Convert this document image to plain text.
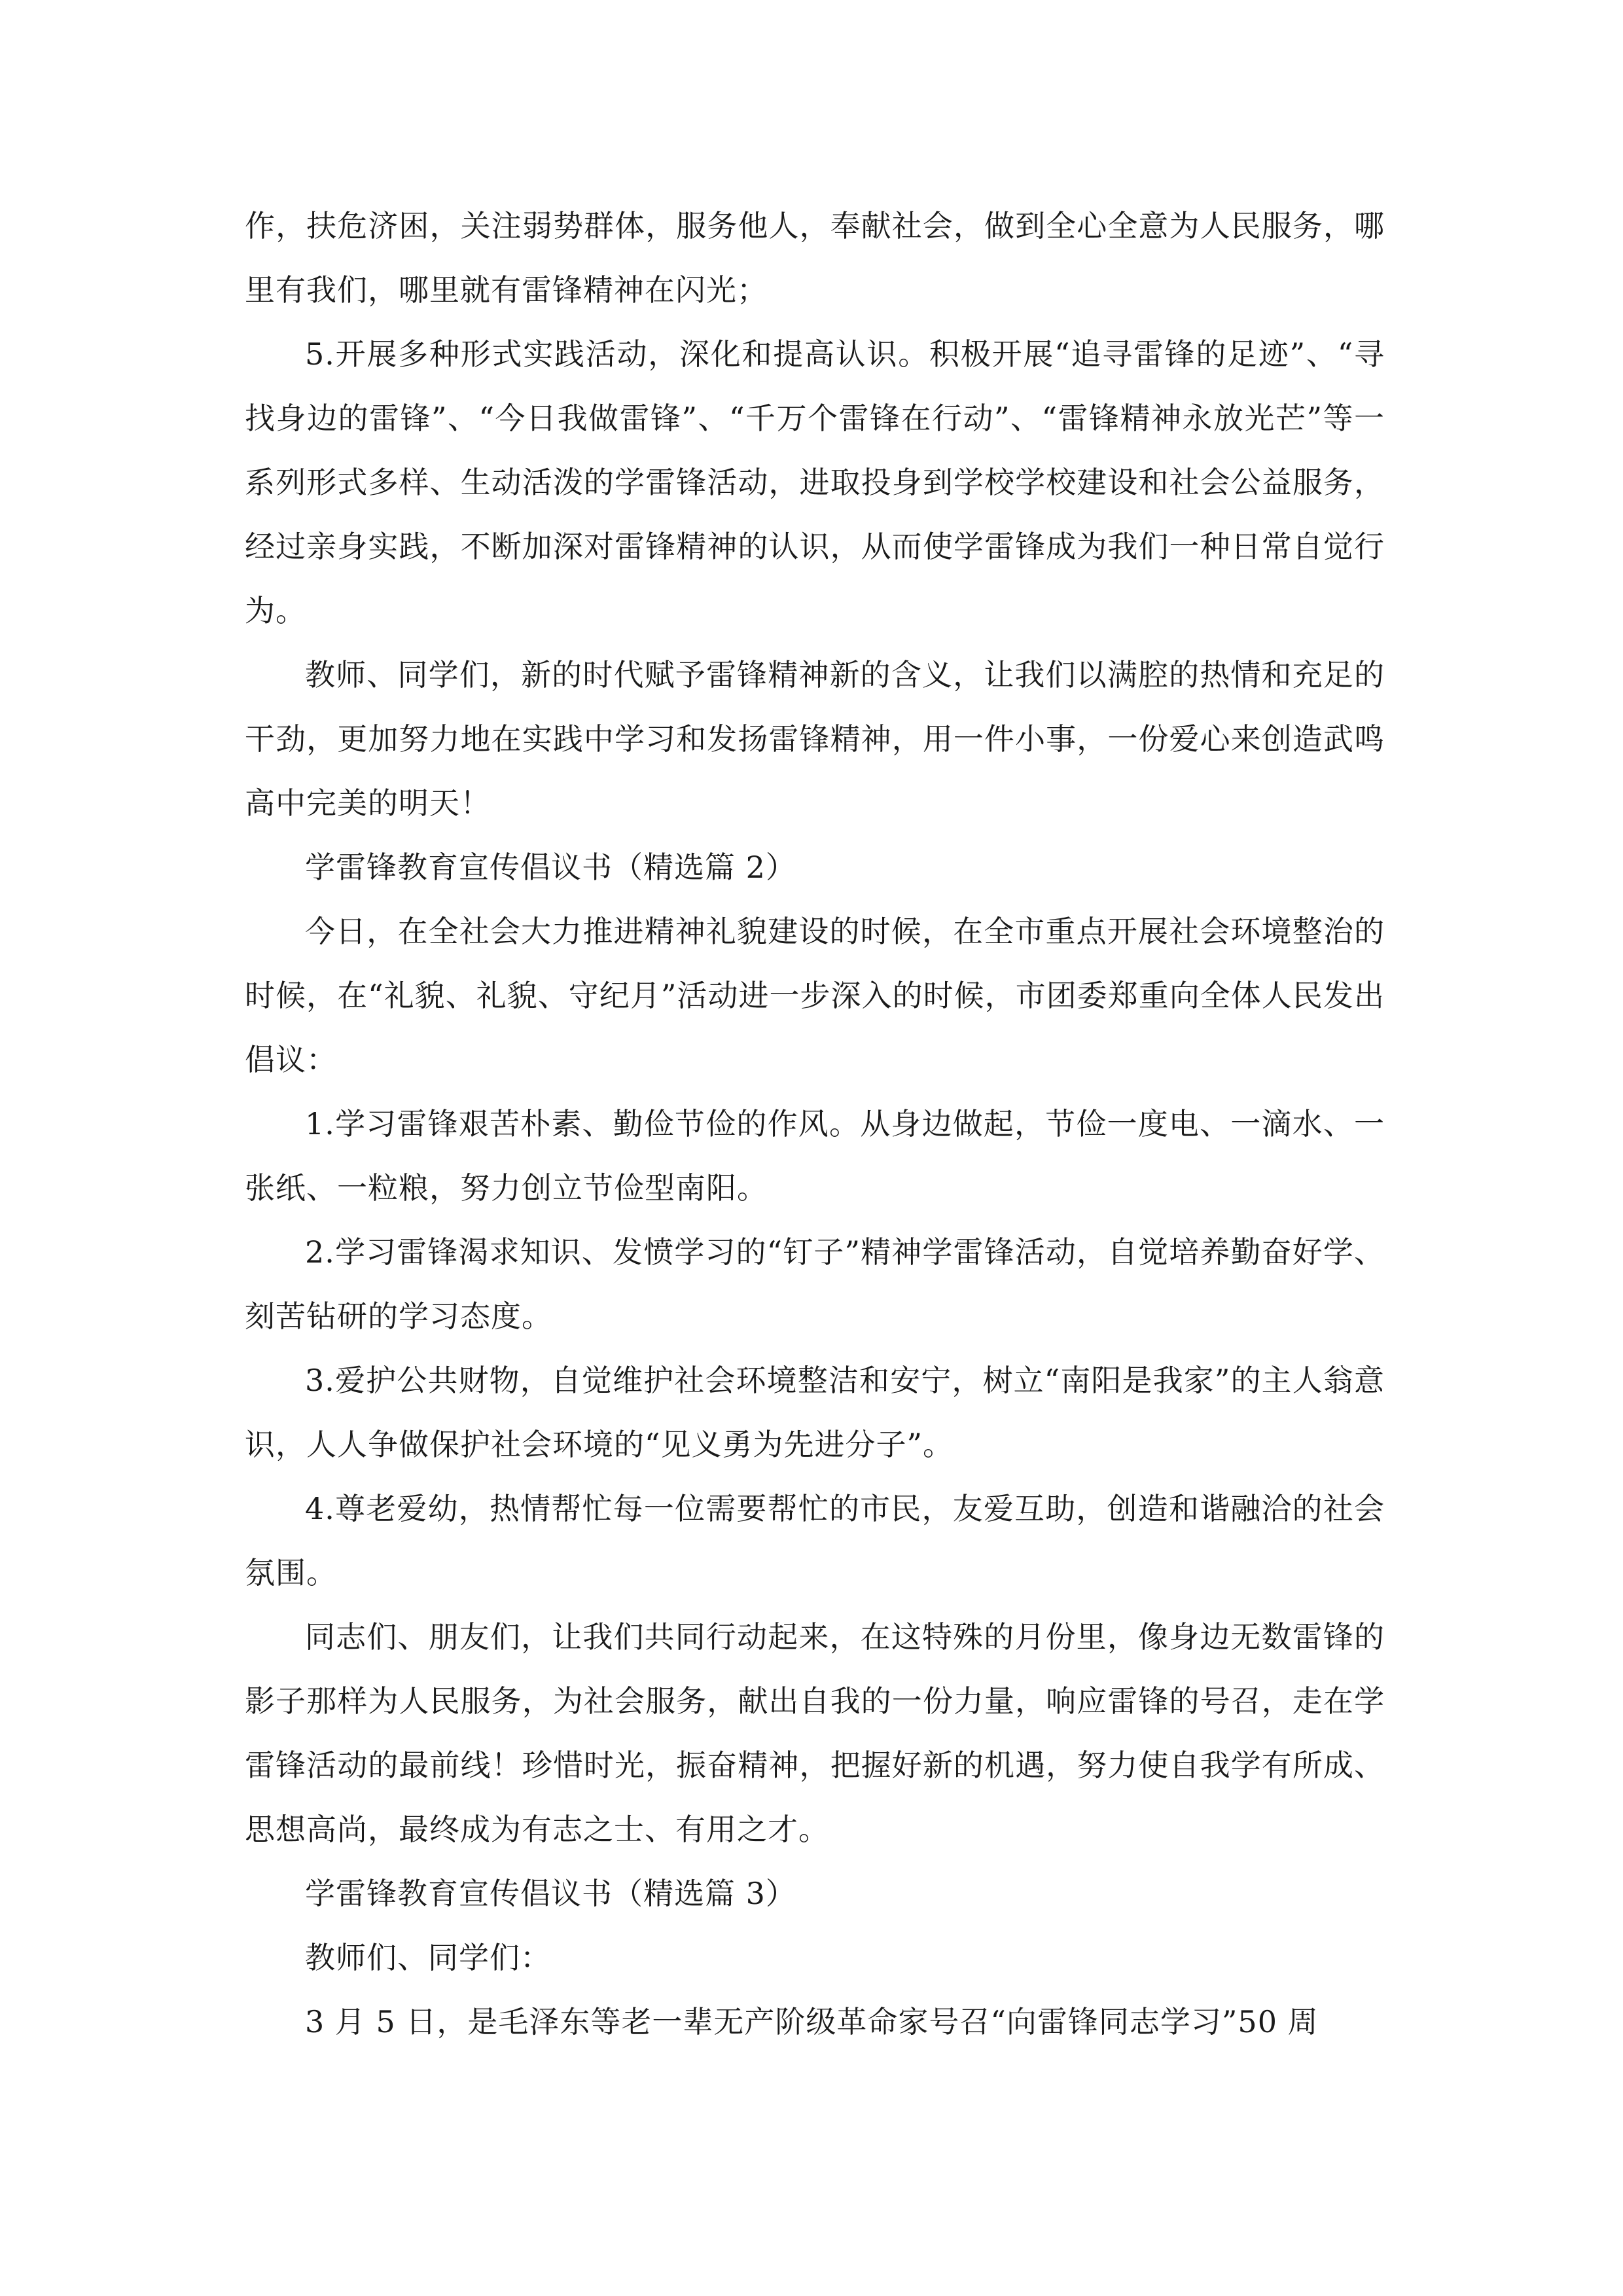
作，扶危济困，关注弱势群体，服务他人，奉献社会，做到全心全意为人民服务，哪里有我们，哪里就有雷锋精神在闪光；

5.开展多种形式实践活动，深化和提高认识。积极开展“追寻雷锋的足迹”、“寻找身边的雷锋”、“今日我做雷锋”、“千万个雷锋在行动”、“雷锋精神永放光芒”等一系列形式多样、生动活泼的学雷锋活动，进取投身到学校学校建设和社会公益服务，经过亲身实践，不断加深对雷锋精神的认识，从而使学雷锋成为我们一种日常自觉行为。

教师、同学们，新的时代赋予雷锋精神新的含义，让我们以满腔的热情和充足的干劲，更加努力地在实践中学习和发扬雷锋精神，用一件小事，一份爱心来创造武鸣高中完美的明天！

学雷锋教育宣传倡议书（精选篇 2）

今日，在全社会大力推进精神礼貌建设的时候，在全市重点开展社会环境整治的时候，在“礼貌、礼貌、守纪月”活动进一步深入的时候，市团委郑重向全体人民发出倡议：

1.学习雷锋艰苦朴素、勤俭节俭的作风。从身边做起，节俭一度电、一滴水、一张纸、一粒粮，努力创立节俭型南阳。

2.学习雷锋渴求知识、发愤学习的“钉子”精神学雷锋活动，自觉培养勤奋好学、刻苦钻研的学习态度。

3.爱护公共财物，自觉维护社会环境整洁和安宁，树立“南阳是我家”的主人翁意识，人人争做保护社会环境的“见义勇为先进分子”。

4.尊老爱幼，热情帮忙每一位需要帮忙的市民，友爱互助，创造和谐融洽的社会氛围。

同志们、朋友们，让我们共同行动起来，在这特殊的月份里，像身边无数雷锋的影子那样为人民服务，为社会服务，献出自我的一份力量，响应雷锋的号召，走在学雷锋活动的最前线！珍惜时光，振奋精神，把握好新的机遇，努力使自我学有所成、思想高尚，最终成为有志之士、有用之才。

学雷锋教育宣传倡议书（精选篇 3）

教师们、同学们：

3 月 5 日，是毛泽东等老一辈无产阶级革命家号召“向雷锋同志学习”50 周
